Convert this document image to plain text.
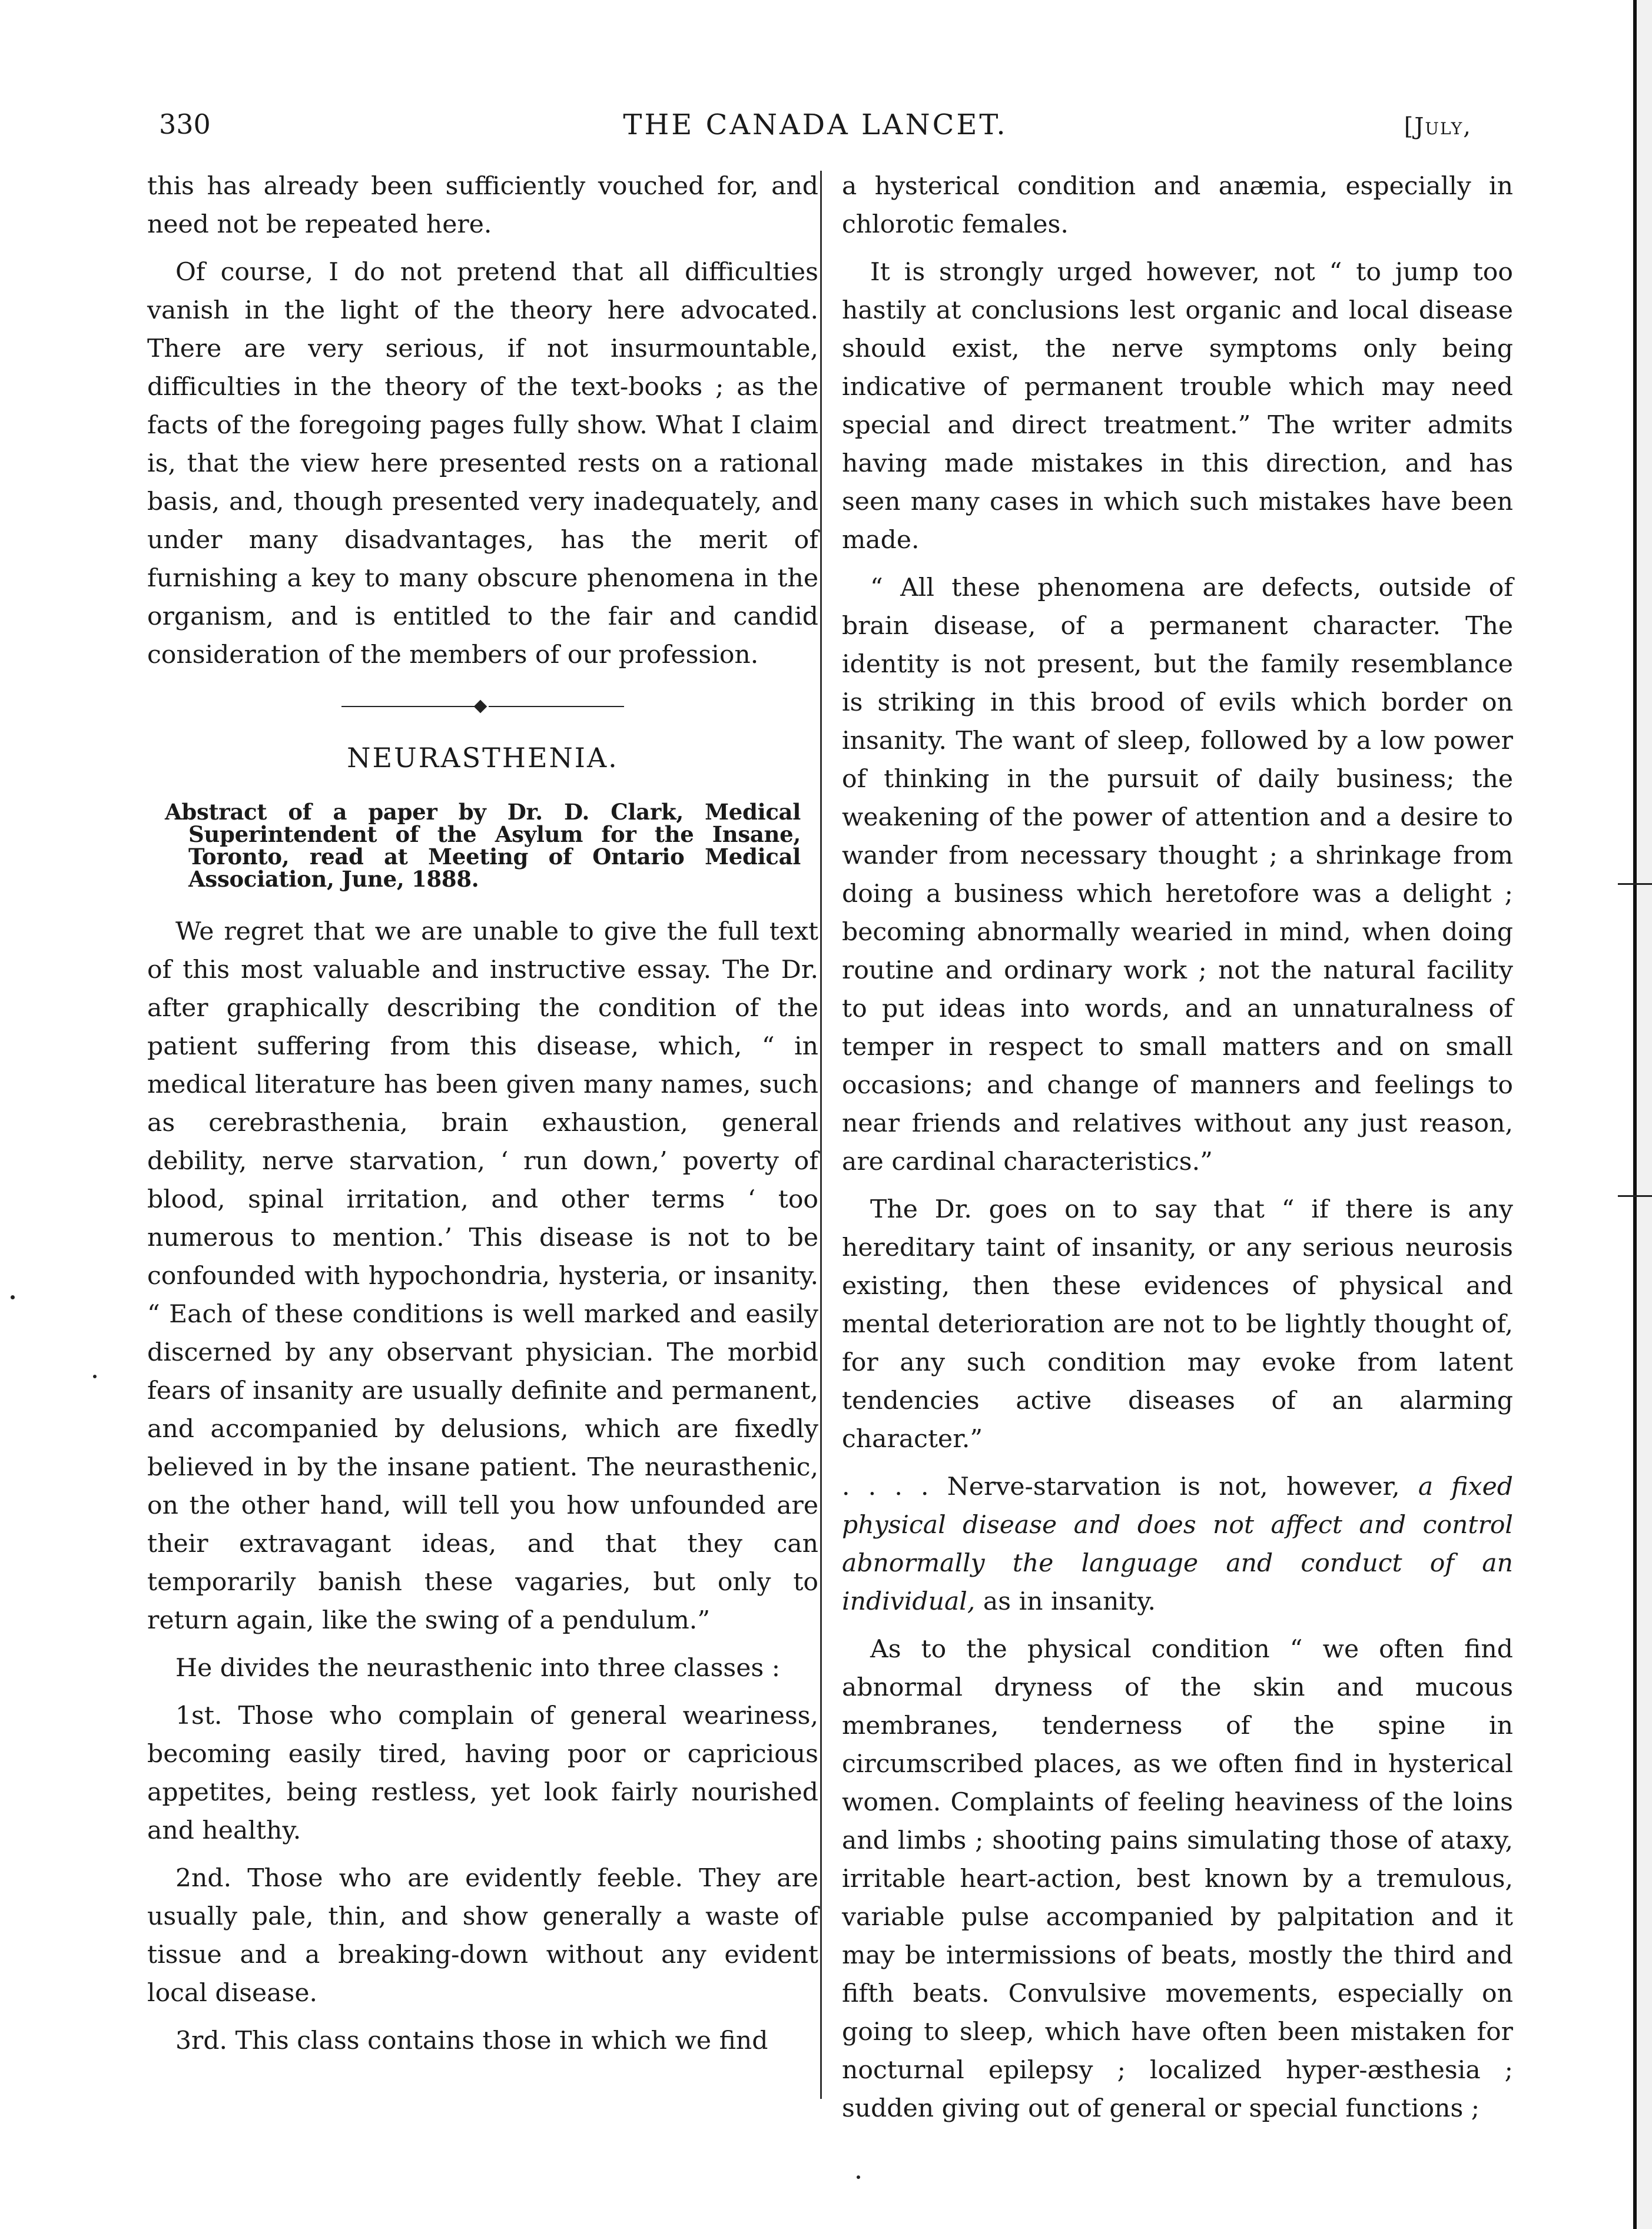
330	THE CANADA LANCET.	[July,

this has already been sufficiently vouched for, and need not be repeated here.

Of course, I do not pretend that all difficulties vanish in the light of the theory here advocated. There are very serious, if not insurmountable, difficulties in the theory of the text-books ; as the facts of the foregoing pages fully show. What I claim is, that the view here presented rests on a rational basis, and, though presented very inadequately, and under many disadvantages, has the merit of furnishing a key to many obscure phenomena in the organism, and is entitled to the fair and candid consideration of the members of our profession.

NEURASTHENIA.

Abstract of a paper by Dr. D. Clark, Medical Superintendent of the Asylum for the Insane, Toronto, read at Meeting of Ontario Medical Association, June, 1888.

We regret that we are unable to give the full text of this most valuable and instructive essay. The Dr. after graphically describing the condition of the patient suffering from this disease, which, “ in medical literature has been given many names, such as cerebrasthenia, brain exhaustion, general debility, nerve starvation, ‘ run down,’ poverty of blood, spinal irritation, and other terms ‘ too numerous to mention.’ This disease is not to be confounded with hypochondria, hysteria, or insanity. “ Each of these conditions is well marked and easily discerned by any observant physician. The morbid fears of insanity are usually definite and permanent, and accompanied by delusions, which are fixedly believed in by the insane patient. The neurasthenic, on the other hand, will tell you how unfounded are their extravagant ideas, and that they can temporarily banish these vagaries, but only to return again, like the swing of a pendulum.”

He divides the neurasthenic into three classes :

1st. Those who complain of general weariness, becoming easily tired, having poor or capricious appetites, being restless, yet look fairly nourished and healthy.

2nd. Those who are evidently feeble. They are usually pale, thin, and show generally a waste of tissue and a breaking-down without any evident local disease.

3rd. This class contains those in which we find

a hysterical condition and anæmia, especially in chlorotic females.

It is strongly urged however, not “ to jump too hastily at conclusions lest organic and local disease should exist, the nerve symptoms only being indicative of permanent trouble which may need special and direct treatment.” The writer admits having made mistakes in this direction, and has seen many cases in which such mistakes have been made.

“ All these phenomena are defects, outside of brain disease, of a permanent character. The identity is not present, but the family resemblance is striking in this brood of evils which border on insanity. The want of sleep, followed by a low power of thinking in the pursuit of daily business; the weakening of the power of attention and a desire to wander from necessary thought ; a shrinkage from doing a business which heretofore was a delight ; becoming abnormally wearied in mind, when doing routine and ordinary work ; not the natural facility to put ideas into words, and an unnaturalness of temper in respect to small matters and on small occasions; and change of manners and feelings to near friends and relatives without any just reason, are cardinal characteristics.”

The Dr. goes on to say that “ if there is any hereditary taint of insanity, or any serious neurosis existing, then these evidences of physical and mental deterioration are not to be lightly thought of, for any such condition may evoke from latent tendencies active diseases of an alarming character.”

. . . . Nerve-starvation is not, however, a fixed physical disease and does not affect and control abnormally the language and conduct of an individual, as in insanity.

As to the physical condition “ we often find abnormal dryness of the skin and mucous membranes, tenderness of the spine in circumscribed places, as we often find in hysterical women. Complaints of feeling heaviness of the loins and limbs ; shooting pains simulating those of ataxy, irritable heart-action, best known by a tremulous, variable pulse accompanied by palpitation and it may be intermissions of beats, mostly the third and fifth beats. Convulsive movements, especially on going to sleep, which have often been mistaken for nocturnal epilepsy ; localized hyper-æsthesia ; sudden giving out of general or special functions ;
